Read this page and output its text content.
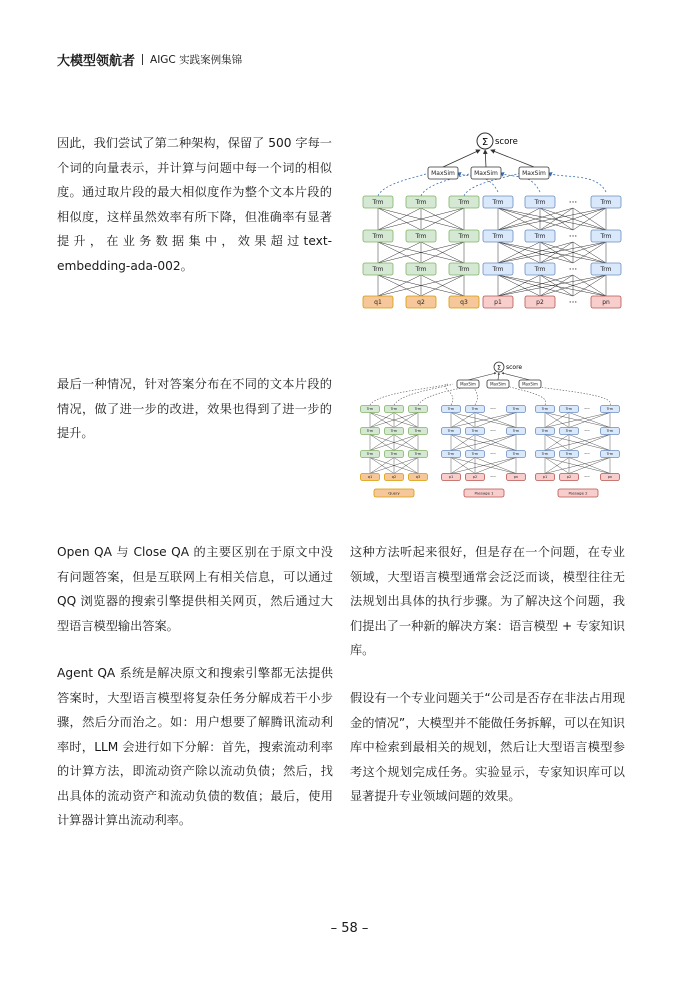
大模型领航者 AIGC 实践案例集锦

因此，我们尝试了第二种架构，保留了 500 字每一个词的向量表示，并计算与问题中每一个词的相似度。通过取片段的最大相似度作为整个文本片段的相似度，这样虽然效率有所下降，但准确率有显著提升，在业务数据集中，效果超过text-embedding-ada-002。

Σ score
MaxSim	MaxSim	MaxSim
Trm	Trm	Trm	Trm	Trm	···	Trm
Trm	Trm	Trm	Trm	Trm	···	Trm
Trm	Trm	Trm	Trm	Trm	···	Trm
q1	q2	q3	p1	p2	···	pn

最后一种情况，针对答案分布在不同的文本片段的情况，做了进一步的改进，效果也得到了进一步的提升。

Σ score
MaxSim	MaxSim	MaxSim
Trm	Trm	Trm	Trm	Trm ···	Trm	Trm	Trm ···	Trm
Trm	Trm	Trm	Trm	Trm ···	Trm	Trm	Trm ···	Trm
Trm	Trm	Trm	Trm	Trm ···	Trm	Trm	Trm ···	Trm
q1	q2	q3	p1	p2	pn
···	p1	p2	pn
···
Query	Passage 1	Passage 2

Open QA 与 Close QA 的主要区别在于原文中没有问题答案，但是互联网上有相关信息，可以通过 QQ 浏览器的搜索引擎提供相关网页，然后通过大型语言模型输出答案。

Agent QA 系统是解决原文和搜索引擎都无法提供答案时，大型语言模型将复杂任务分解成若干小步骤，然后分而治之。如：用户想要了解腾讯流动利率时，LLM 会进行如下分解：首先，搜索流动利率的计算方法，即流动资产除以流动负债；然后，找出具体的流动资产和流动负债的数值；最后，使用计算器计算出流动利率。

这种方法听起来很好，但是存在一个问题，在专业领域，大型语言模型通常会泛泛而谈，模型往往无法规划出具体的执行步骤。为了解决这个问题，我们提出了一种新的解决方案：语言模型 + 专家知识库。

假设有一个专业问题关于“公司是否存在非法占用现金的情况”，大模型并不能做任务拆解，可以在知识库中检索到最相关的规划，然后让大型语言模型参考这个规划完成任务。实验显示，专家知识库可以显著提升专业领域问题的效果。

– 58 –
